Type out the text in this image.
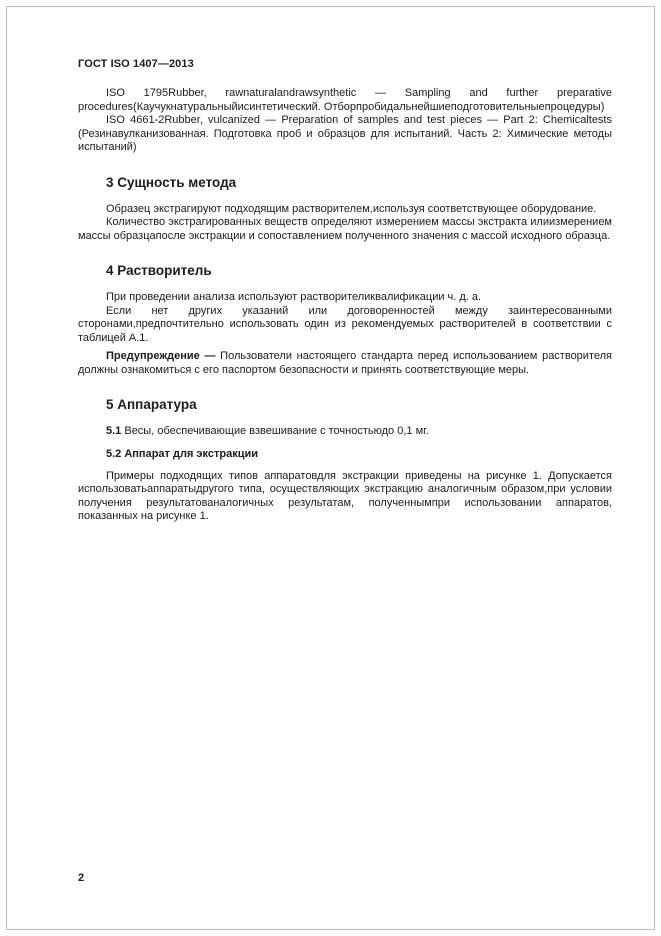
ГОСТ ISO 1407—2013

ISO 1795Rubber, rawnaturalandrawsynthetic — Sampling and further preparative procedures(Каучукнатуральныйисинтетический. Отборпробидальнейшиеподготовительныепроцедуры)

ISO 4661-2Rubber, vulcanized — Preparation of samples and test pieces — Part 2: Chemicaltests (Резинавулканизованная. Подготовка проб и образцов для испытаний. Часть 2: Химические методы испытаний)

3 Сущность метода

Образец экстрагируют подходящим растворителем,используя соответствующее оборудование.

Количество экстрагированных веществ определяют измерением массы экстракта илиизмерением массы образцапосле экстракции и сопоставлением полученного значения с массой исходного образца.

4 Растворитель

При проведении анализа используют растворителиквалификации ч. д. а.

Если нет других указаний или договоренностей между заинтересованными сторонами,предпочтительно использовать один из рекомендуемых растворителей в соответствии с таблицей А.1.

Предупреждение — Пользователи настоящего стандарта перед использованием растворителя должны ознакомиться с его паспортом безопасности и принять соответствующие меры.

5 Аппаратура

5.1 Весы, обеспечивающие взвешивание с точностьюдо 0,1 мг.

5.2 Аппарат для экстракции

Примеры подходящих типов аппаратовдля экстракции приведены на рисунке 1. Допускается использоватьаппаратыдругого типа, осуществляющих экстракцию аналогичным образом,при условии получения результатованалогичных результатам, полученнымпри использовании аппаратов, показанных на рисунке 1.

2
